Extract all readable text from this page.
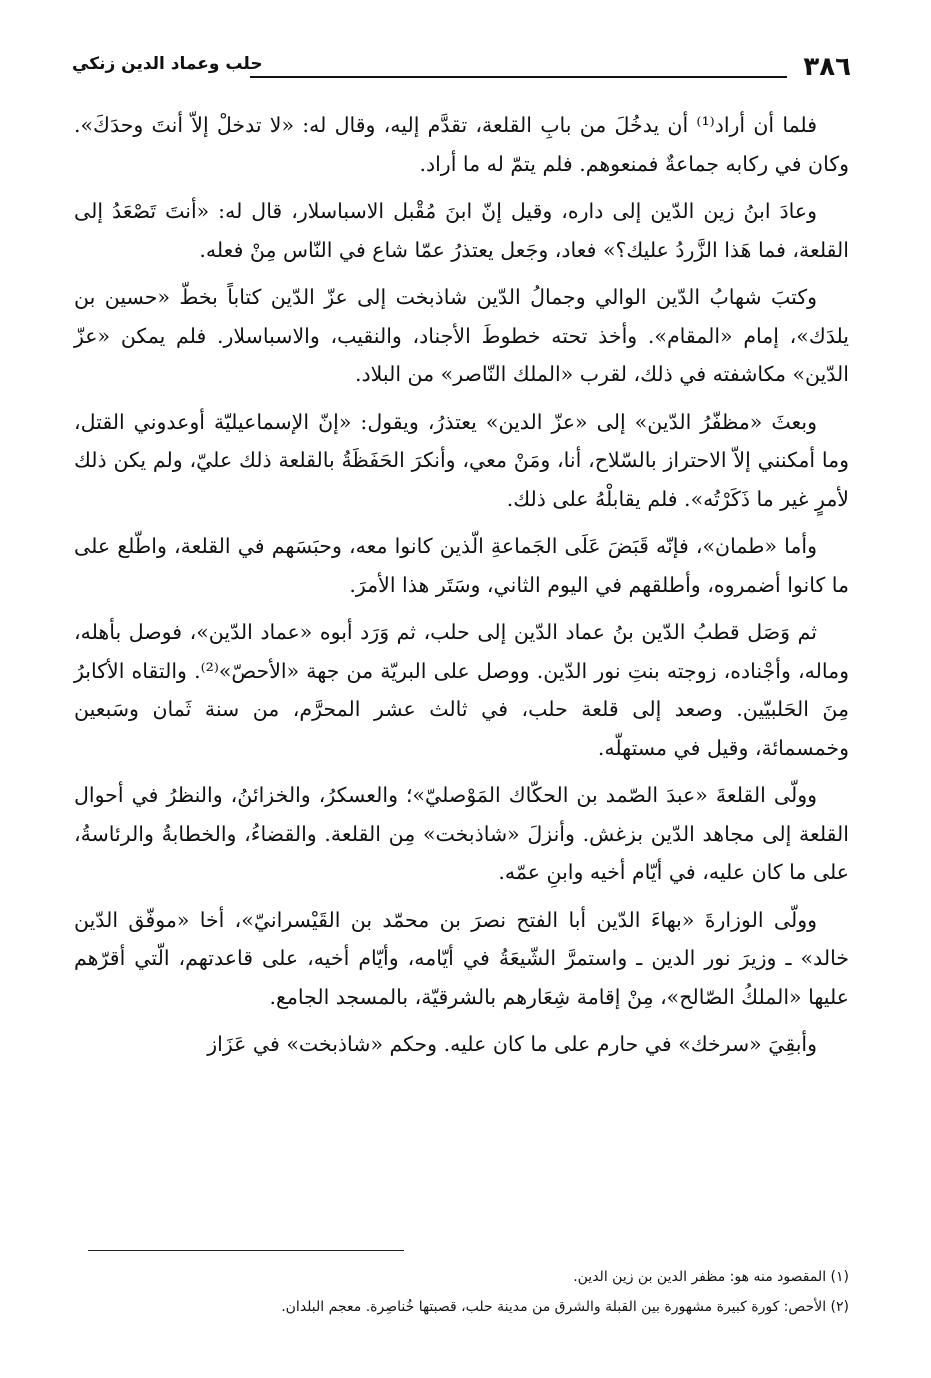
٣٨٦
حلب وعماد الدين زنكي

فلما أن أراد⁽¹⁾ أن يدخُلَ من بابِ القلعة، تقدَّم إليه، وقال له: «لا تدخلْ إلاّ أنتَ وحدَكَ». وكان في ركابه جماعةٌ فمنعوهم. فلم يتمّ له ما أراد.

وعادَ ابنُ زين الدّين إلى داره، وقيل إنّ ابنَ مُقْبل الاسباسلار، قال له: «أنتَ تَصْعَدُ إلى القلعة، فما هَذا الزَّردُ عليك؟» فعاد، وجَعل يعتذرُ عمّا شاع في النّاس مِنْ فعله.

وكتبَ شهابُ الدّين الوالي وجمالُ الدّين شاذبخت إلى عزّ الدّين كتاباً بخطّ «حسين بن يلدَك»، إمام «المقام». وأخذ تحته خطوطَ الأجناد، والنقيب، والاسباسلار. فلم يمكن «عزّ الدّين» مكاشفته في ذلك، لقرب «الملك النّاصر» من البلاد.

وبعثَ «مظفّرُ الدّين» إلى «عزّ الدين» يعتذرُ، ويقول: «إنّ الإسماعيليّة أوعدوني القتل، وما أمكنني إلاّ الاحتراز بالسّلاح، أنا، ومَنْ معي، وأنكرَ الحَفَظَةُ بالقلعة ذلك عليّ، ولم يكن ذلك لأمرٍ غير ما ذَكَرْتُه». فلم يقابلْهُ على ذلك.

وأما «طمان»، فإنّه قَبَضَ عَلَى الجَماعةِ الّذين كانوا معه، وحبَسَهم في القلعة، واطّلع على ما كانوا أضمروه، وأطلقهم في اليوم الثاني، وسَتَر هذا الأمرَ.

ثم وَصَل قطبُ الدّين بنُ عماد الدّين إلى حلب، ثم وَرَد أبوه «عماد الدّين»، فوصل بأهله، وماله، وأجْناده، زوجته بنتِ نور الدّين. ووصل على البريّة من جهة «الأحصّ»⁽²⁾. والتقاه الأكابرُ مِنَ الحَلبيّين. وصعد إلى قلعة حلب، في ثالث عشر المحرَّم، من سنة ثَمان وسَبعين وخمسمائة، وقيل في مستهلّه.

وولّى القلعةَ «عبدَ الصّمد بن الحكّاك المَوْصليّ»؛ والعسكرُ، والخزائنُ، والنظرُ في أحوال القلعة إلى مجاهد الدّين بزغش. وأنزلَ «شاذبخت» مِن القلعة. والقضاءُ، والخطابةُ والرئاسةُ، على ما كان عليه، في أيّام أخيه وابنِ عمّه.

وولّى الوزارةَ «بهاءَ الدّين أبا الفتح نصرَ بن محمّد بن القَيْسرانيّ»، أخا «موفّق الدّين خالد» ـ وزيرَ نور الدين ـ واستمرَّ الشّيعَةُ في أيّامه، وأيّام أخيه، على قاعدتهم، الّتي أقرّهم عليها «الملكُ الصّالح»، مِنْ إقامة شِعَارهم بالشرقيّة، بالمسجد الجامع.

وأبقِيَ «سرخك» في حارم على ما كان عليه. وحكم «شاذبخت» في عَزَاز

(١) المقصود منه هو: مظفر الدين بن زين الدين.

(٢) الأحص: كورة كبيرة مشهورة بين القبلة والشرق من مدينة حلب، قصبتها خُناصِرة. معجم البلدان.
